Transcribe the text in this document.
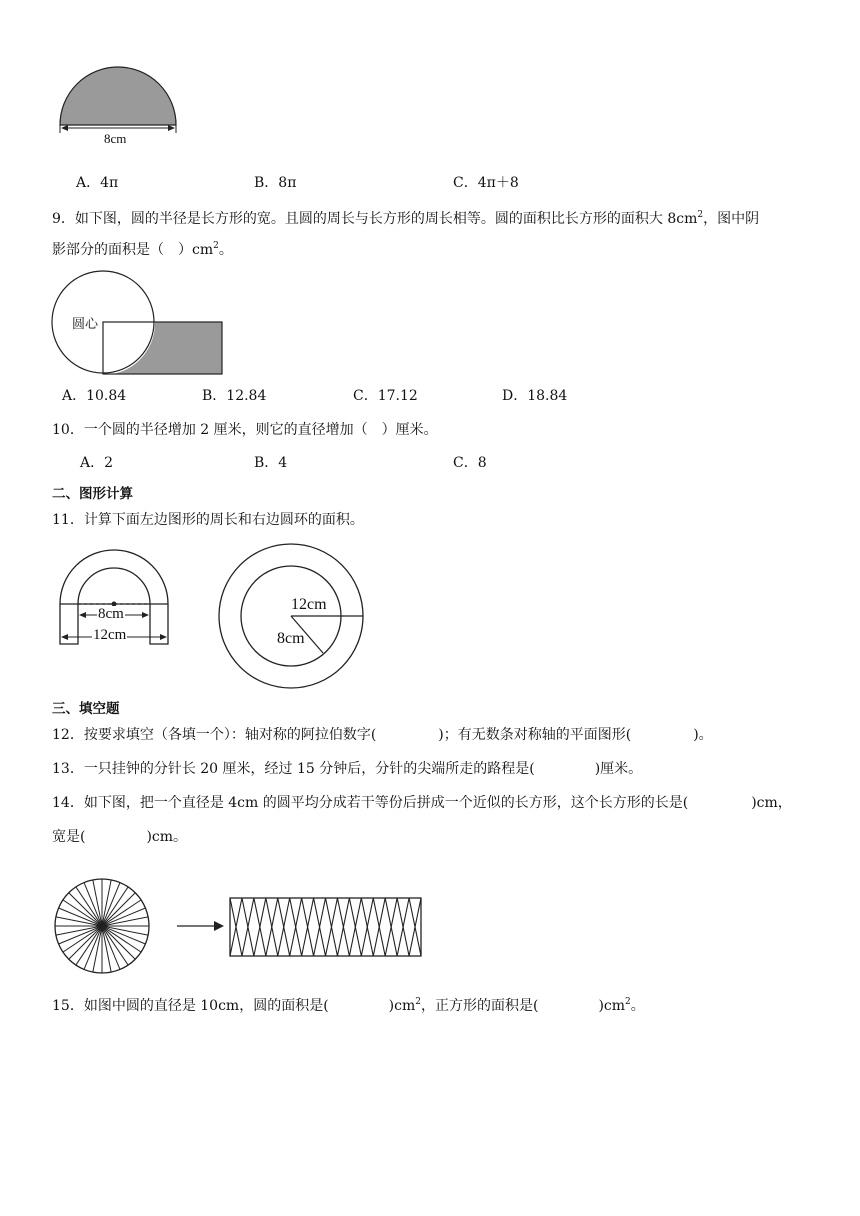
8cm
A．4π	B．8π	C．4π＋8
9．如下图，圆的半径是长方形的宽。且圆的周长与长方形的周长相等。圆的面积比长方形的面积大 $8cm^2$，图中阴
影部分的面积是（　）$cm^2$。
圆心
A．10.84	B．12.84	C．17.12	D．18.84
10．一个圆的半径增加 2 厘米，则它的直径增加（　）厘米。
A．2	B．4	C．8
二、图形计算
11．计算下面左边图形的周长和右边圆环的面积。
8cm
12cm
12cm
8cm
三、填空题
12．按要求填空（各填一个）：轴对称的阿拉伯数字(	)；有无数条对称轴的平面图形(	)。
13．一只挂钟的分针长 20 厘米，经过 15 分钟后，分针的尖端所走的路程是(	)厘米。
14．如下图，把一个直径是 4cm 的圆平均分成若干等份后拼成一个近似的长方形，这个长方形的长是(	)cm，
宽是(	)cm。
15．如图中圆的直径是 10cm，圆的面积是(	)$cm^2$，正方形的面积是(	)$cm^2$。
